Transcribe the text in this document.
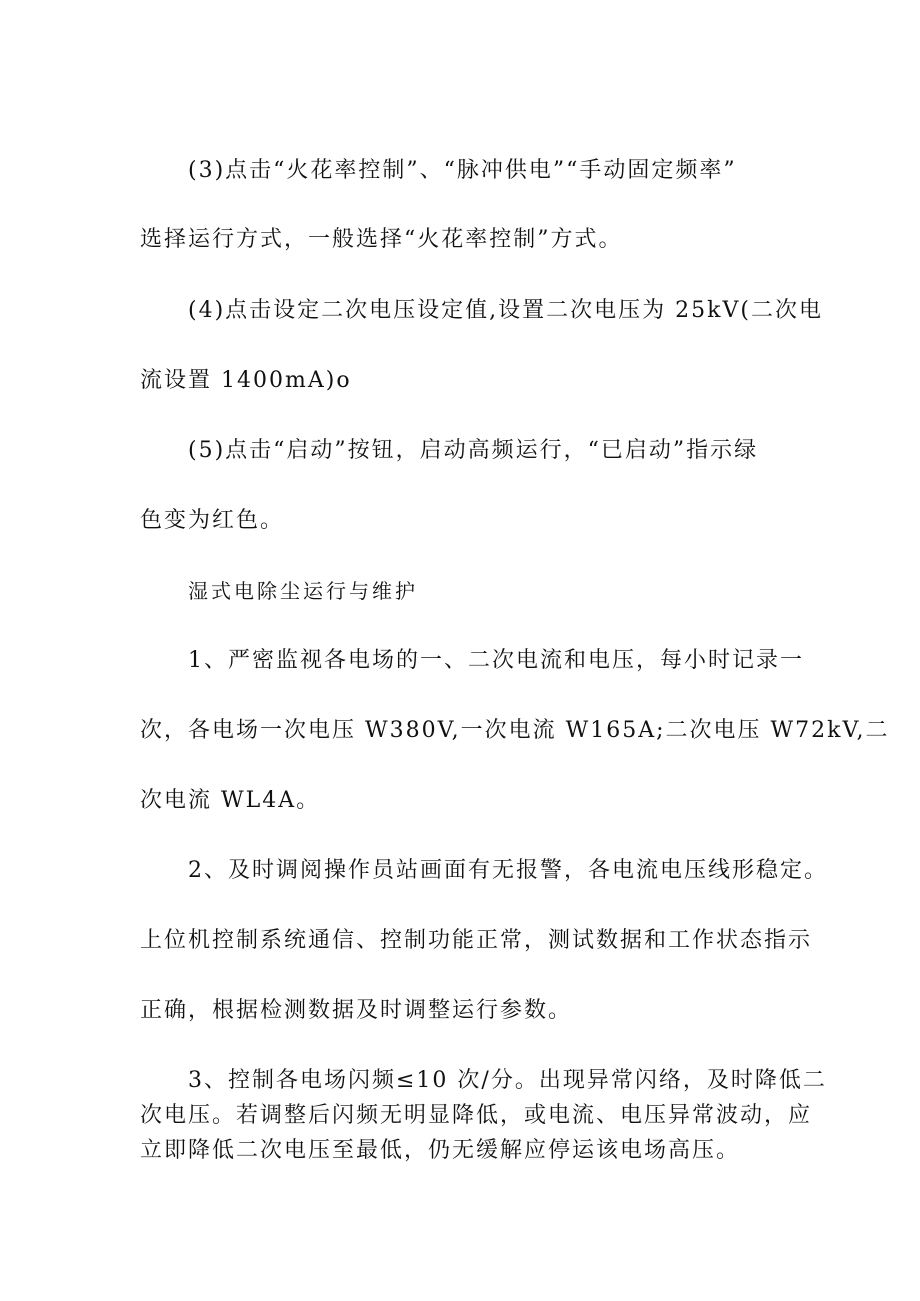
(3)点击“火花率控制”、“脉冲供电”“手动固定频率”
选择运行方式，一般选择“火花率控制”方式。
(4)点击设定二次电压设定值,设置二次电压为 25kV(二次电
流设置 1400mA)o
(5)点击“启动”按钮，启动高频运行，“已启动”指示绿
色变为红色。
湿式电除尘运行与维护
1、严密监视各电场的一、二次电流和电压，每小时记录一
次，各电场一次电压 W380V,一次电流 W165A;二次电压 W72kV,二
次电流 WL4A。
2、及时调阅操作员站画面有无报警，各电流电压线形稳定。
上位机控制系统通信、控制功能正常，测试数据和工作状态指示
正确，根据检测数据及时调整运行参数。
3、控制各电场闪频≤10 次/分。出现异常闪络，及时降低二
次电压。若调整后闪频无明显降低，或电流、电压异常波动，应
立即降低二次电压至最低，仍无缓解应停运该电场高压。
